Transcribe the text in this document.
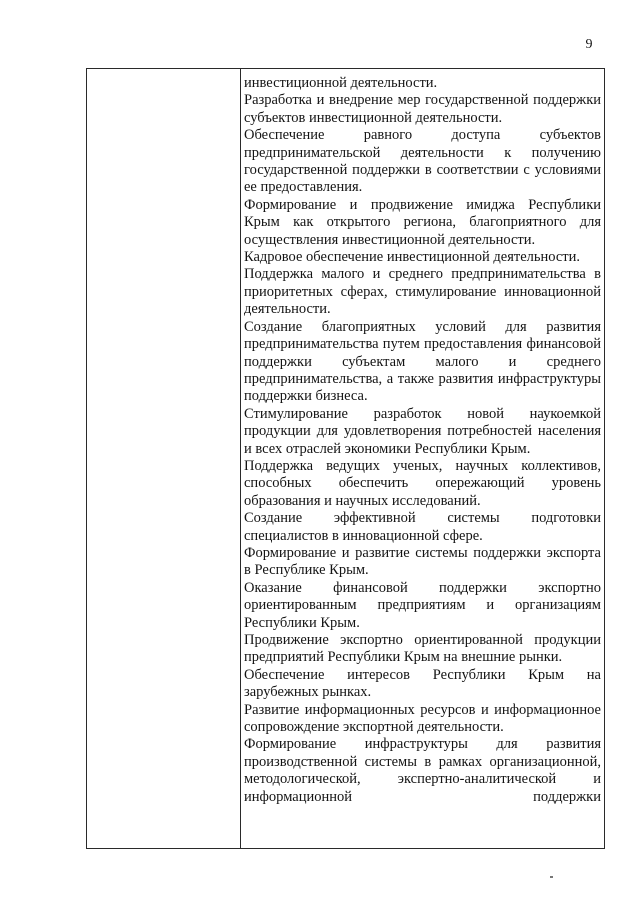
9

инвестиционной деятельности.

Разработка и внедрение мер государственной поддержки субъектов инвестиционной деятельности.

Обеспечение равного доступа субъектов предпринимательской деятельности к получению государственной поддержки в соответствии с условиями ее предоставления.

Формирование и продвижение имиджа Республики Крым как открытого региона, благоприятного для осуществления инвестиционной деятельности.

Кадровое обеспечение инвестиционной деятельности.

Поддержка малого и среднего предпринимательства в приоритетных сферах, стимулирование инновационной деятельности.

Создание благоприятных условий для развития предпринимательства путем предоставления финансовой поддержки субъектам малого и среднего предпринимательства, а также развития инфраструктуры поддержки бизнеса.

Стимулирование разработок новой наукоемкой продукции для удовлетворения потребностей населения и всех отраслей экономики Республики Крым.

Поддержка ведущих ученых, научных коллективов, способных обеспечить опережающий уровень образования и научных исследований.

Создание эффективной системы подготовки специалистов в инновационной сфере.

Формирование и развитие системы поддержки экспорта в Республике Крым.

Оказание финансовой поддержки экспортно ориентированным предприятиям и организациям Республики Крым.

Продвижение экспортно ориентированной продукции предприятий Республики Крым на внешние рынки.

Обеспечение интересов Республики Крым на зарубежных рынках.

Развитие информационных ресурсов и информационное сопровождение экспортной деятельности.

Формирование инфраструктуры для развития производственной системы в рамках организационной, методологической, экспертно-аналитической и информационной поддержки
